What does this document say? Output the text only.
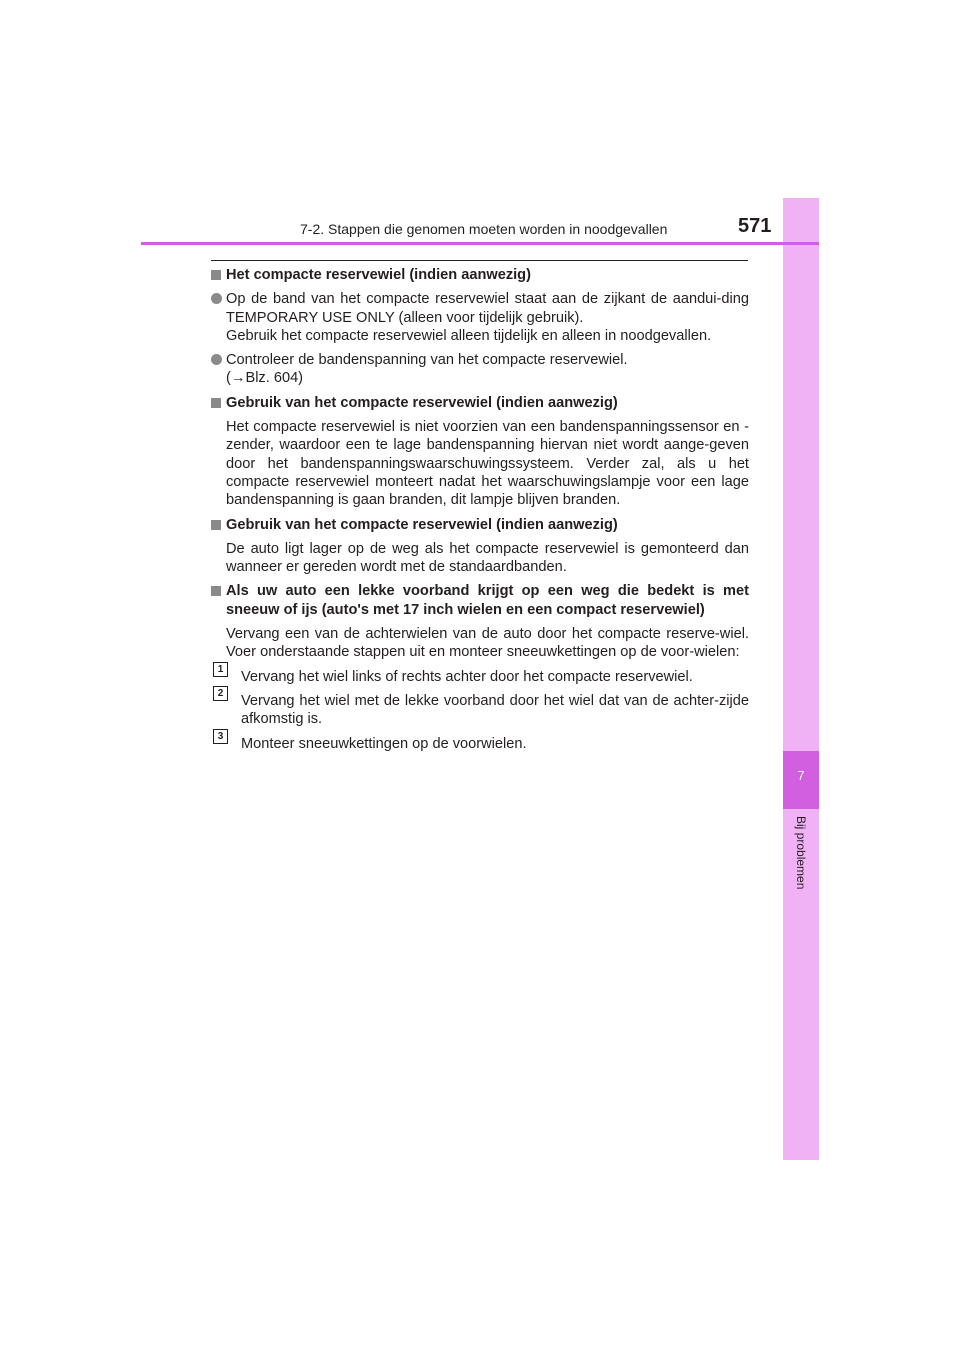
7
Bij problemen
7-2. Stappen die genomen moeten worden in noodgevallen	571
Het compacte reservewiel (indien aanwezig)
Op de band van het compacte reservewiel staat aan de zijkant de aandui-ding TEMPORARY USE ONLY (alleen voor tijdelijk gebruik).
Gebruik het compacte reservewiel alleen tijdelijk en alleen in noodgevallen.
Controleer de bandenspanning van het compacte reservewiel.
(→Blz. 604)
Gebruik van het compacte reservewiel (indien aanwezig)
Het compacte reservewiel is niet voorzien van een bandenspanningssensor en -zender, waardoor een te lage bandenspanning hiervan niet wordt aange-geven door het bandenspanningswaarschuwingssysteem. Verder zal, als u het compacte reservewiel monteert nadat het waarschuwingslampje voor een lage bandenspanning is gaan branden, dit lampje blijven branden.
Gebruik van het compacte reservewiel (indien aanwezig)
De auto ligt lager op de weg als het compacte reservewiel is gemonteerd dan wanneer er gereden wordt met de standaardbanden.
Als uw auto een lekke voorband krijgt op een weg die bedekt is met sneeuw of ijs (auto's met 17 inch wielen en een compact reservewiel)
Vervang een van de achterwielen van de auto door het compacte reserve-wiel. Voer onderstaande stappen uit en monteer sneeuwkettingen op de voor-wielen:
1	Vervang het wiel links of rechts achter door het compacte reservewiel.
2	Vervang het wiel met de lekke voorband door het wiel dat van de achter-zijde afkomstig is.
3	Monteer sneeuwkettingen op de voorwielen.
